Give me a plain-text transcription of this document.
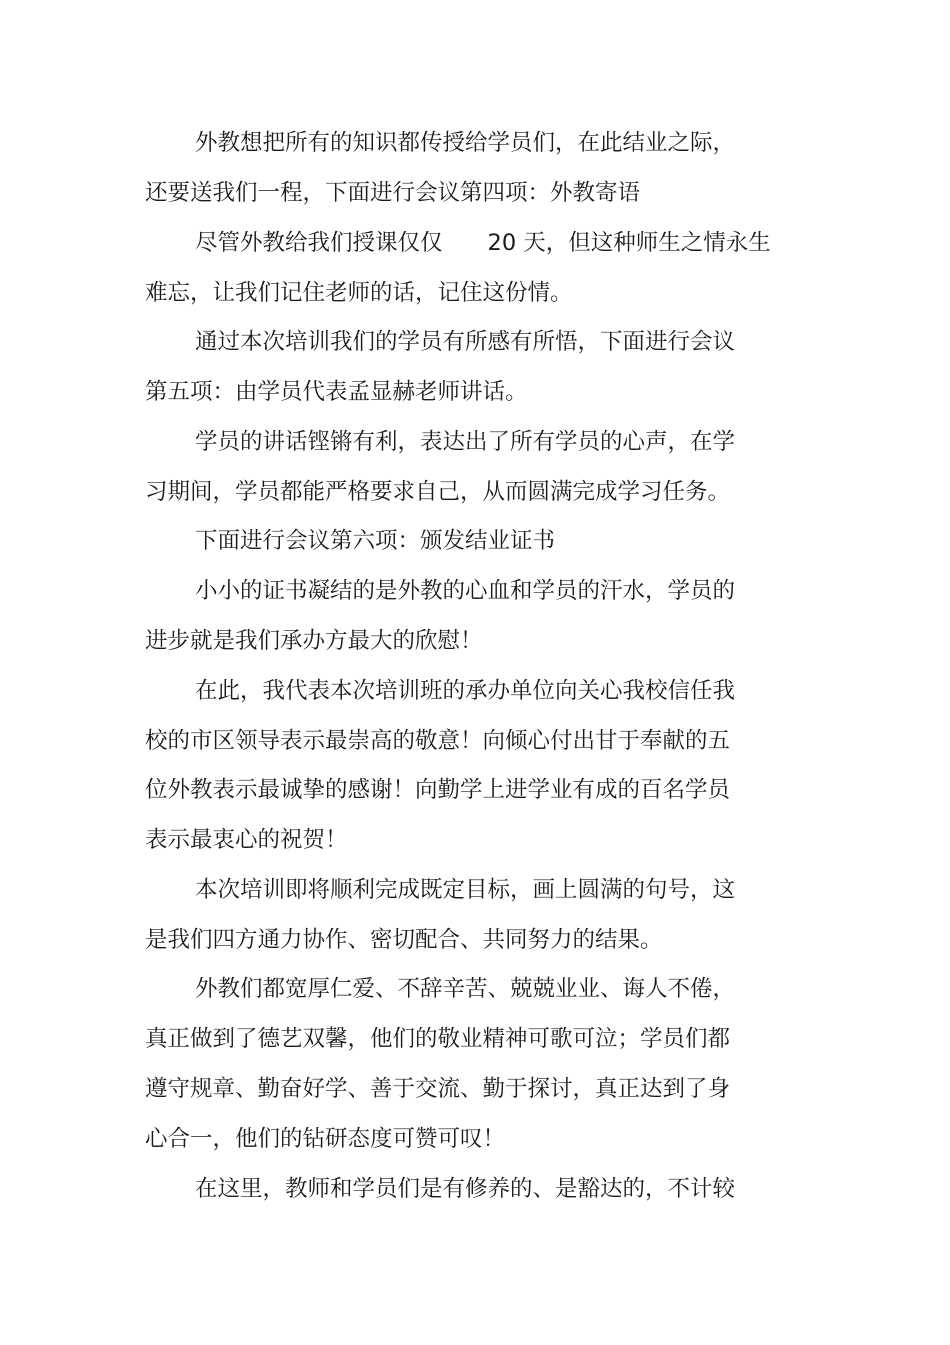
外教想把所有的知识都传授给学员们，在此结业之际，
还要送我们一程，下面进行会议第四项：外教寄语
尽管外教给我们授课仅仅　　20 天，但这种师生之情永生
难忘，让我们记住老师的话，记住这份情。
通过本次培训我们的学员有所感有所悟，下面进行会议
第五项：由学员代表孟显赫老师讲话。
学员的讲话铿锵有利，表达出了所有学员的心声，在学
习期间，学员都能严格要求自己，从而圆满完成学习任务。
下面进行会议第六项：颁发结业证书
小小的证书凝结的是外教的心血和学员的汗水，学员的
进步就是我们承办方最大的欣慰！
在此，我代表本次培训班的承办单位向关心我校信任我
校的市区领导表示最崇高的敬意！向倾心付出甘于奉献的五
位外教表示最诚挚的感谢！向勤学上进学业有成的百名学员
表示最衷心的祝贺！
本次培训即将顺利完成既定目标，画上圆满的句号，这
是我们四方通力协作、密切配合、共同努力的结果。
外教们都宽厚仁爱、不辞辛苦、兢兢业业、诲人不倦，
真正做到了德艺双馨，他们的敬业精神可歌可泣；学员们都
遵守规章、勤奋好学、善于交流、勤于探讨，真正达到了身
心合一，他们的钻研态度可赞可叹！
在这里，教师和学员们是有修养的、是豁达的，不计较
